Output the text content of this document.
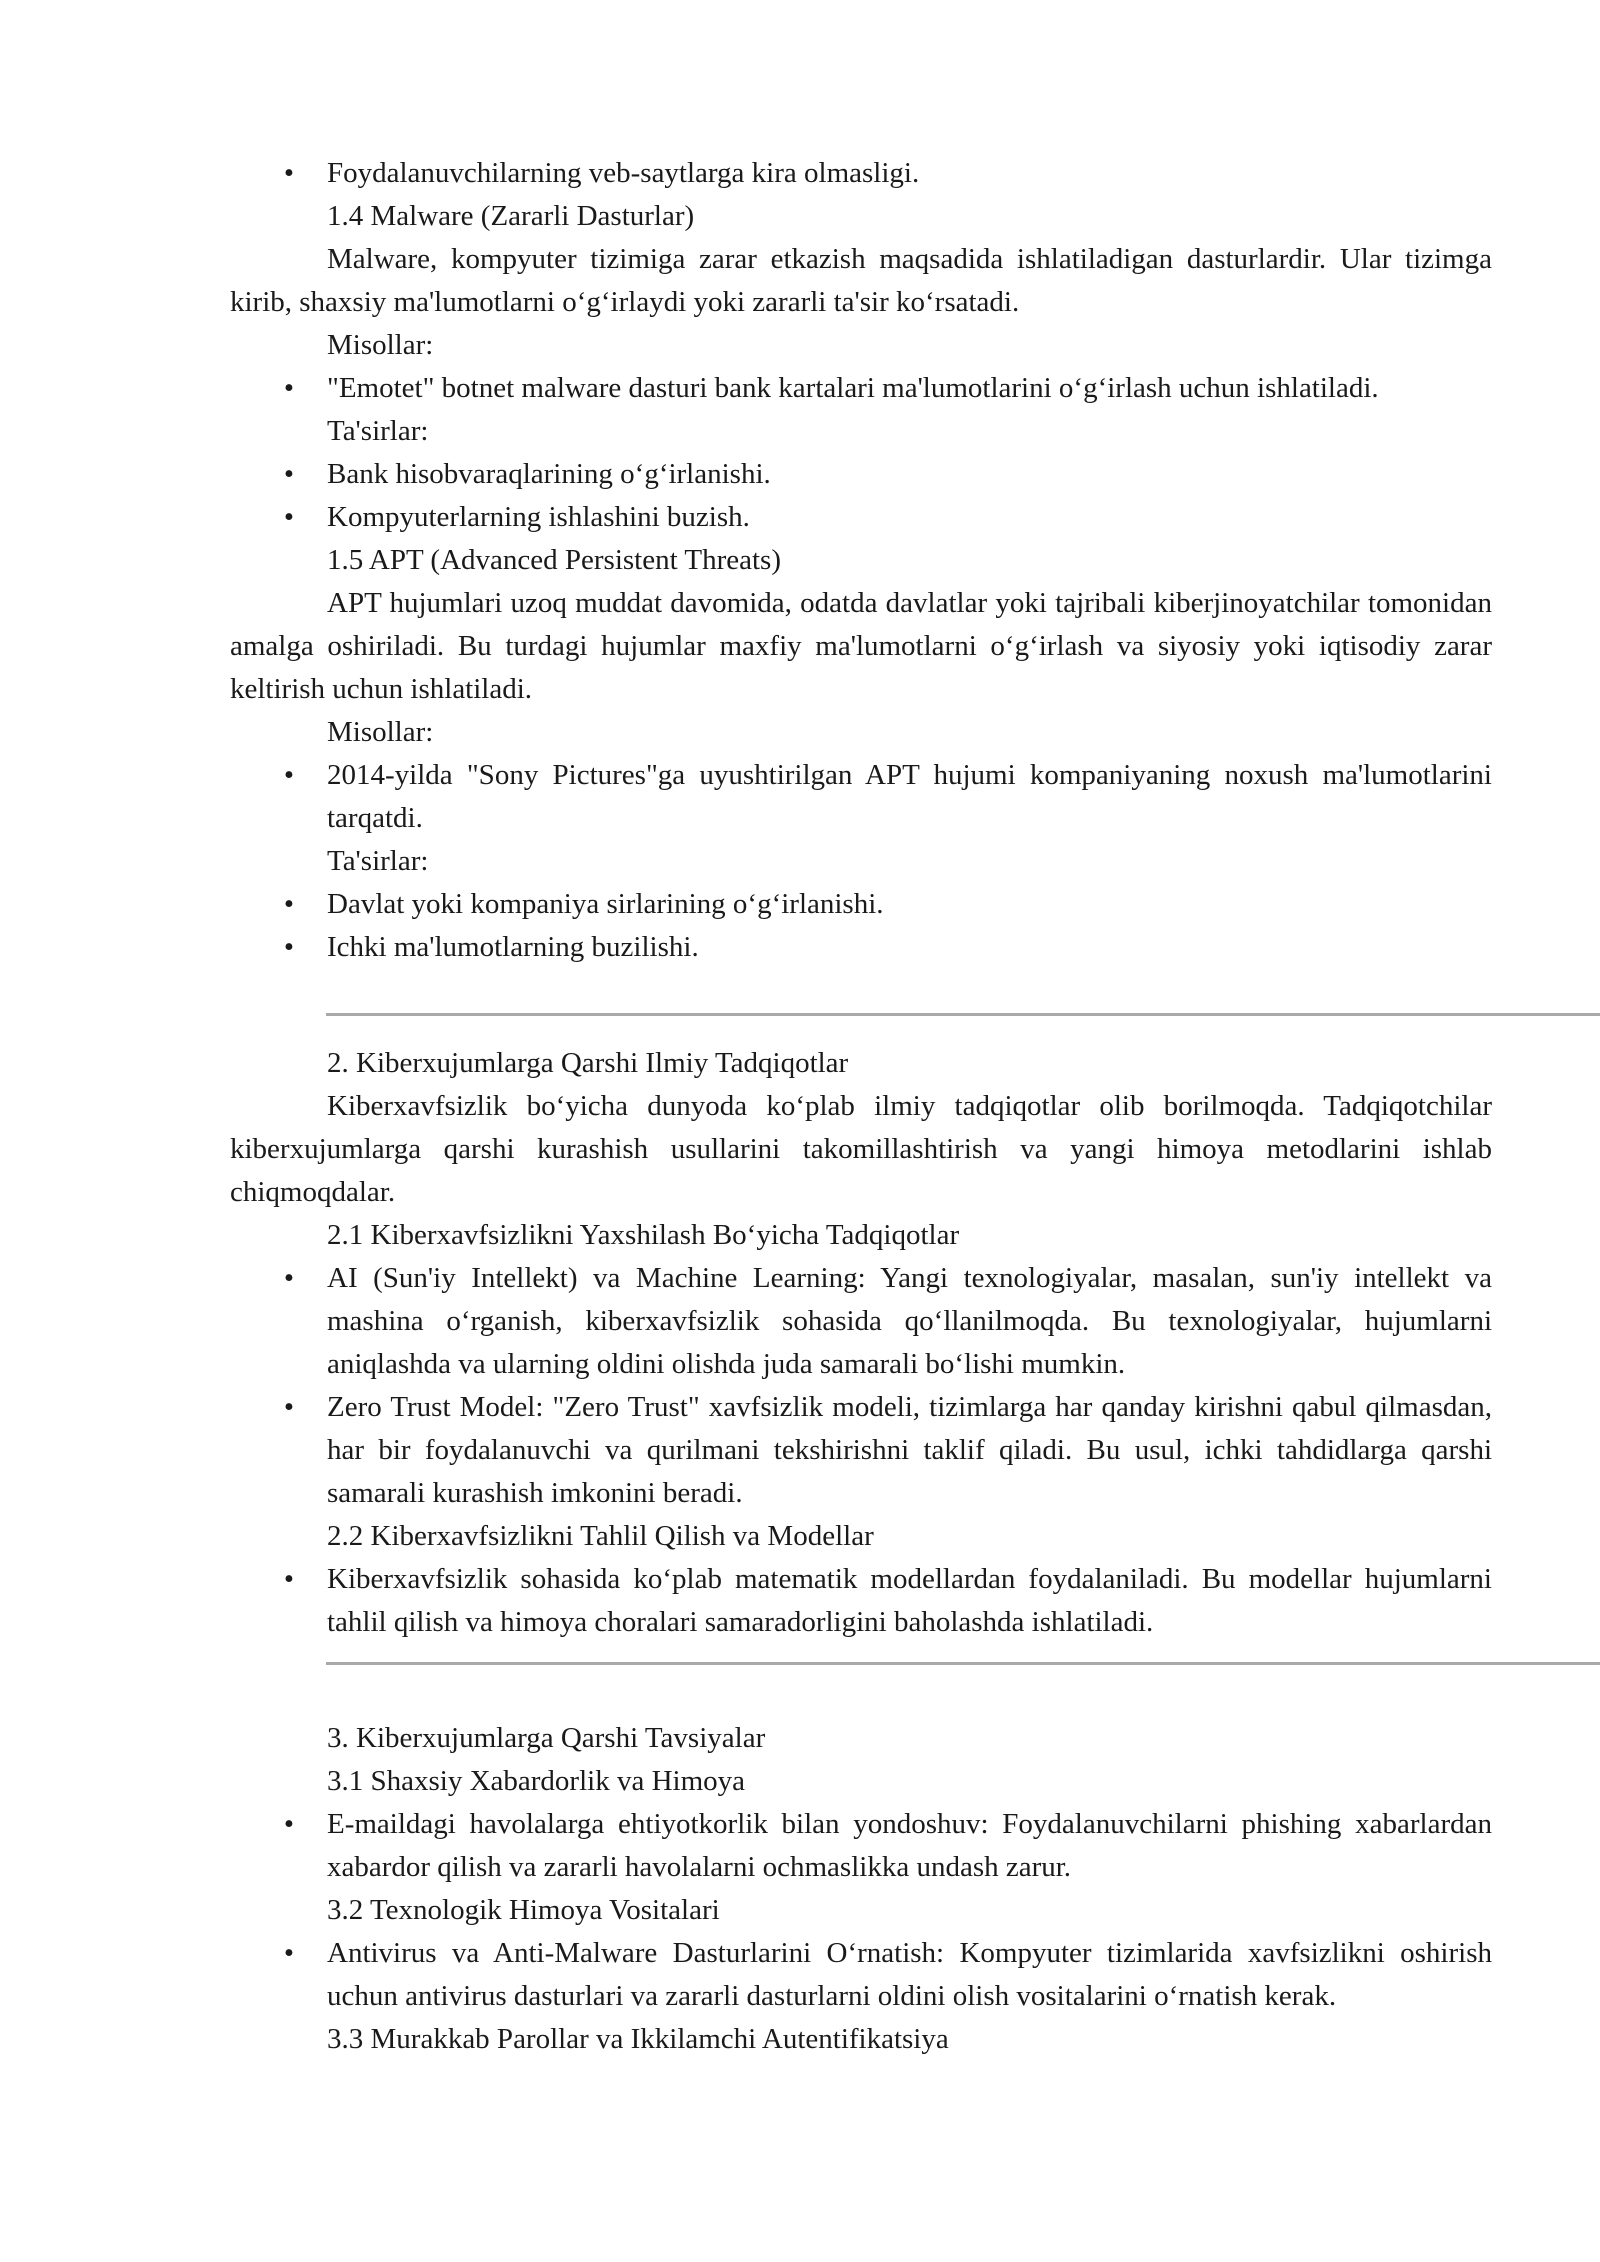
• Foydalanuvchilarning veb-saytlarga kira olmasligi.

1.4 Malware (Zararli Dasturlar)

Malware, kompyuter tizimiga zarar etkazish maqsadida ishlatiladigan dasturlardir. Ular tizimga kirib, shaxsiy ma'lumotlarni o‘g‘irlaydi yoki zararli ta'sir ko‘rsatadi.

Misollar:

• "Emotet" botnet malware dasturi bank kartalari ma'lumotlarini o‘g‘irlash uchun ishlatiladi.

Ta'sirlar:

• Bank hisobvaraqlarining o‘g‘irlanishi.

• Kompyuterlarning ishlashini buzish.

1.5 APT (Advanced Persistent Threats)

APT hujumlari uzoq muddat davomida, odatda davlatlar yoki tajribali kiberjinoyatchilar tomonidan amalga oshiriladi. Bu turdagi hujumlar maxfiy ma'lumotlarni o‘g‘irlash va siyosiy yoki iqtisodiy zarar keltirish uchun ishlatiladi.

Misollar:

• 2014-yilda "Sony Pictures"ga uyushtirilgan APT hujumi kompaniyaning noxush ma'lumotlarini tarqatdi.

Ta'sirlar:

• Davlat yoki kompaniya sirlarining o‘g‘irlanishi.

• Ichki ma'lumotlarning buzilishi.

2. Kiberxujumlarga Qarshi Ilmiy Tadqiqotlar

Kiberxavfsizlik bo‘yicha dunyoda ko‘plab ilmiy tadqiqotlar olib borilmoqda. Tadqiqotchilar kiberxujumlarga qarshi kurashish usullarini takomillashtirish va yangi himoya metodlarini ishlab chiqmoqdalar.

2.1 Kiberxavfsizlikni Yaxshilash Bo‘yicha Tadqiqotlar

• AI (Sun'iy Intellekt) va Machine Learning: Yangi texnologiyalar, masalan, sun'iy intellekt va mashina o‘rganish, kiberxavfsizlik sohasida qo‘llanilmoqda. Bu texnologiyalar, hujumlarni aniqlashda va ularning oldini olishda juda samarali bo‘lishi mumkin.

• Zero Trust Model: "Zero Trust" xavfsizlik modeli, tizimlarga har qanday kirishni qabul qilmasdan, har bir foydalanuvchi va qurilmani tekshirishni taklif qiladi. Bu usul, ichki tahdidlarga qarshi samarali kurashish imkonini beradi.

2.2 Kiberxavfsizlikni Tahlil Qilish va Modellar

• Kiberxavfsizlik sohasida ko‘plab matematik modellardan foydalaniladi. Bu modellar hujumlarni tahlil qilish va himoya choralari samaradorligini baholashda ishlatiladi.

3. Kiberxujumlarga Qarshi Tavsiyalar

3.1 Shaxsiy Xabardorlik va Himoya

• E-maildagi havolalarga ehtiyotkorlik bilan yondoshuv: Foydalanuvchilarni phishing xabarlardan xabardor qilish va zararli havolalarni ochmaslikka undash zarur.

3.2 Texnologik Himoya Vositalari

• Antivirus va Anti-Malware Dasturlarini O‘rnatish: Kompyuter tizimlarida xavfsizlikni oshirish uchun antivirus dasturlari va zararli dasturlarni oldini olish vositalarini o‘rnatish kerak.

3.3 Murakkab Parollar va Ikkilamchi Autentifikatsiya
